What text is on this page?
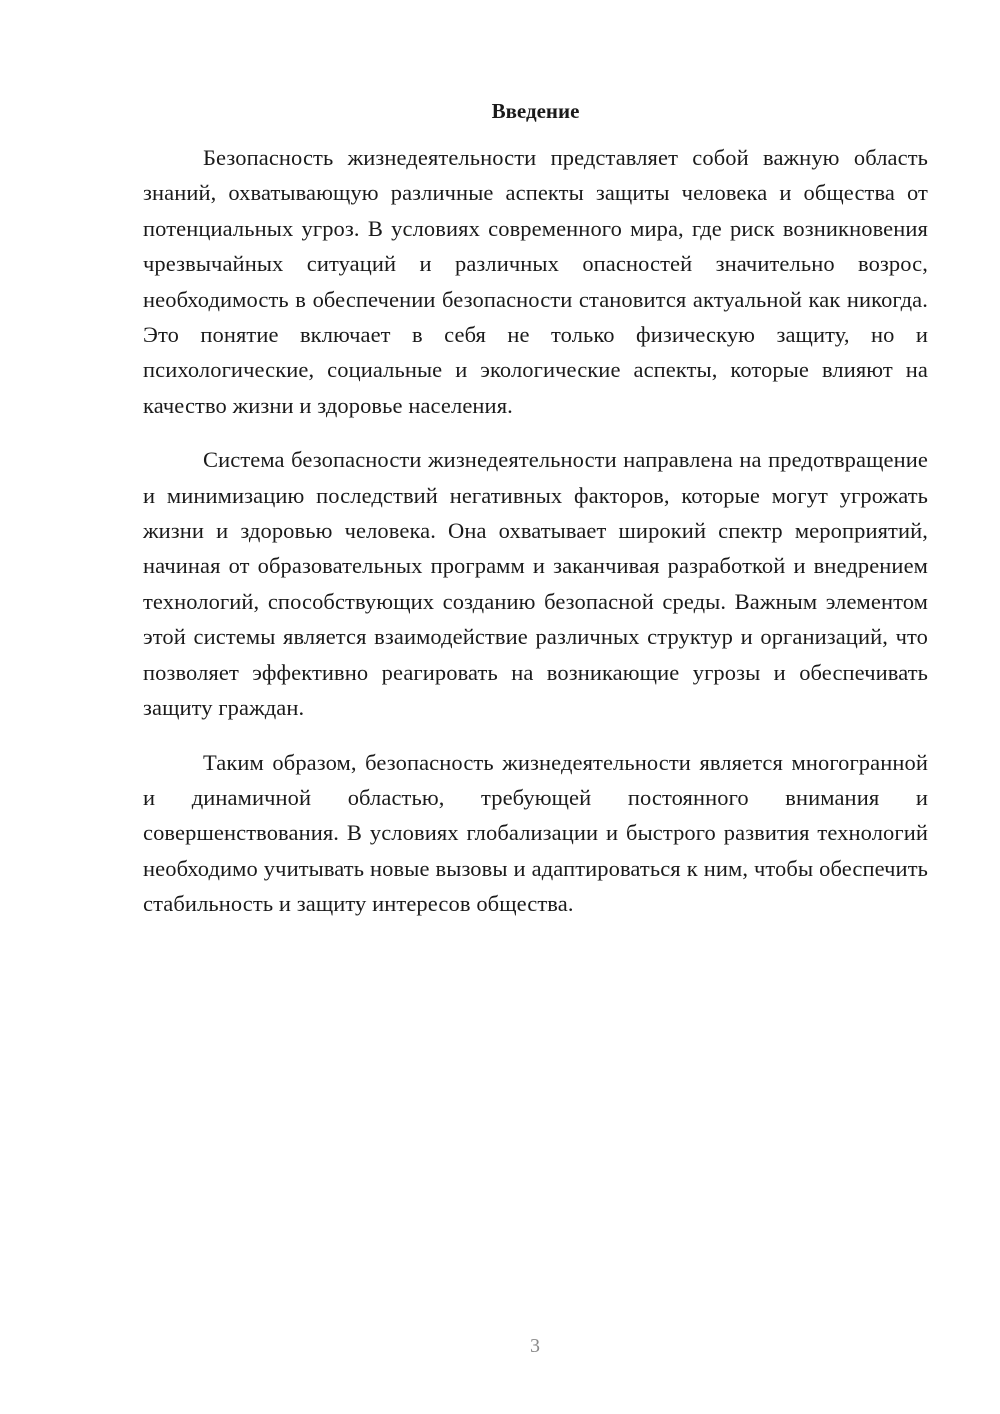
Введение

Безопасность жизнедеятельности представляет собой важную область знаний, охватывающую различные аспекты защиты человека и общества от потенциальных угроз. В условиях современного мира, где риск возникновения чрезвычайных ситуаций и различных опасностей значительно возрос, необходимость в обеспечении безопасности становится актуальной как никогда. Это понятие включает в себя не только физическую защиту, но и психологические, социальные и экологические аспекты, которые влияют на качество жизни и здоровье населения.

Система безопасности жизнедеятельности направлена на предотвращение и минимизацию последствий негативных факторов, которые могут угрожать жизни и здоровью человека. Она охватывает широкий спектр мероприятий, начиная от образовательных программ и заканчивая разработкой и внедрением технологий, способствующих созданию безопасной среды. Важным элементом этой системы является взаимодействие различных структур и организаций, что позволяет эффективно реагировать на возникающие угрозы и обеспечивать защиту граждан.

Таким образом, безопасность жизнедеятельности является многогранной и динамичной областью, требующей постоянного внимания и совершенствования. В условиях глобализации и быстрого развития технологий необходимо учитывать новые вызовы и адаптироваться к ним, чтобы обеспечить стабильность и защиту интересов общества.

3
